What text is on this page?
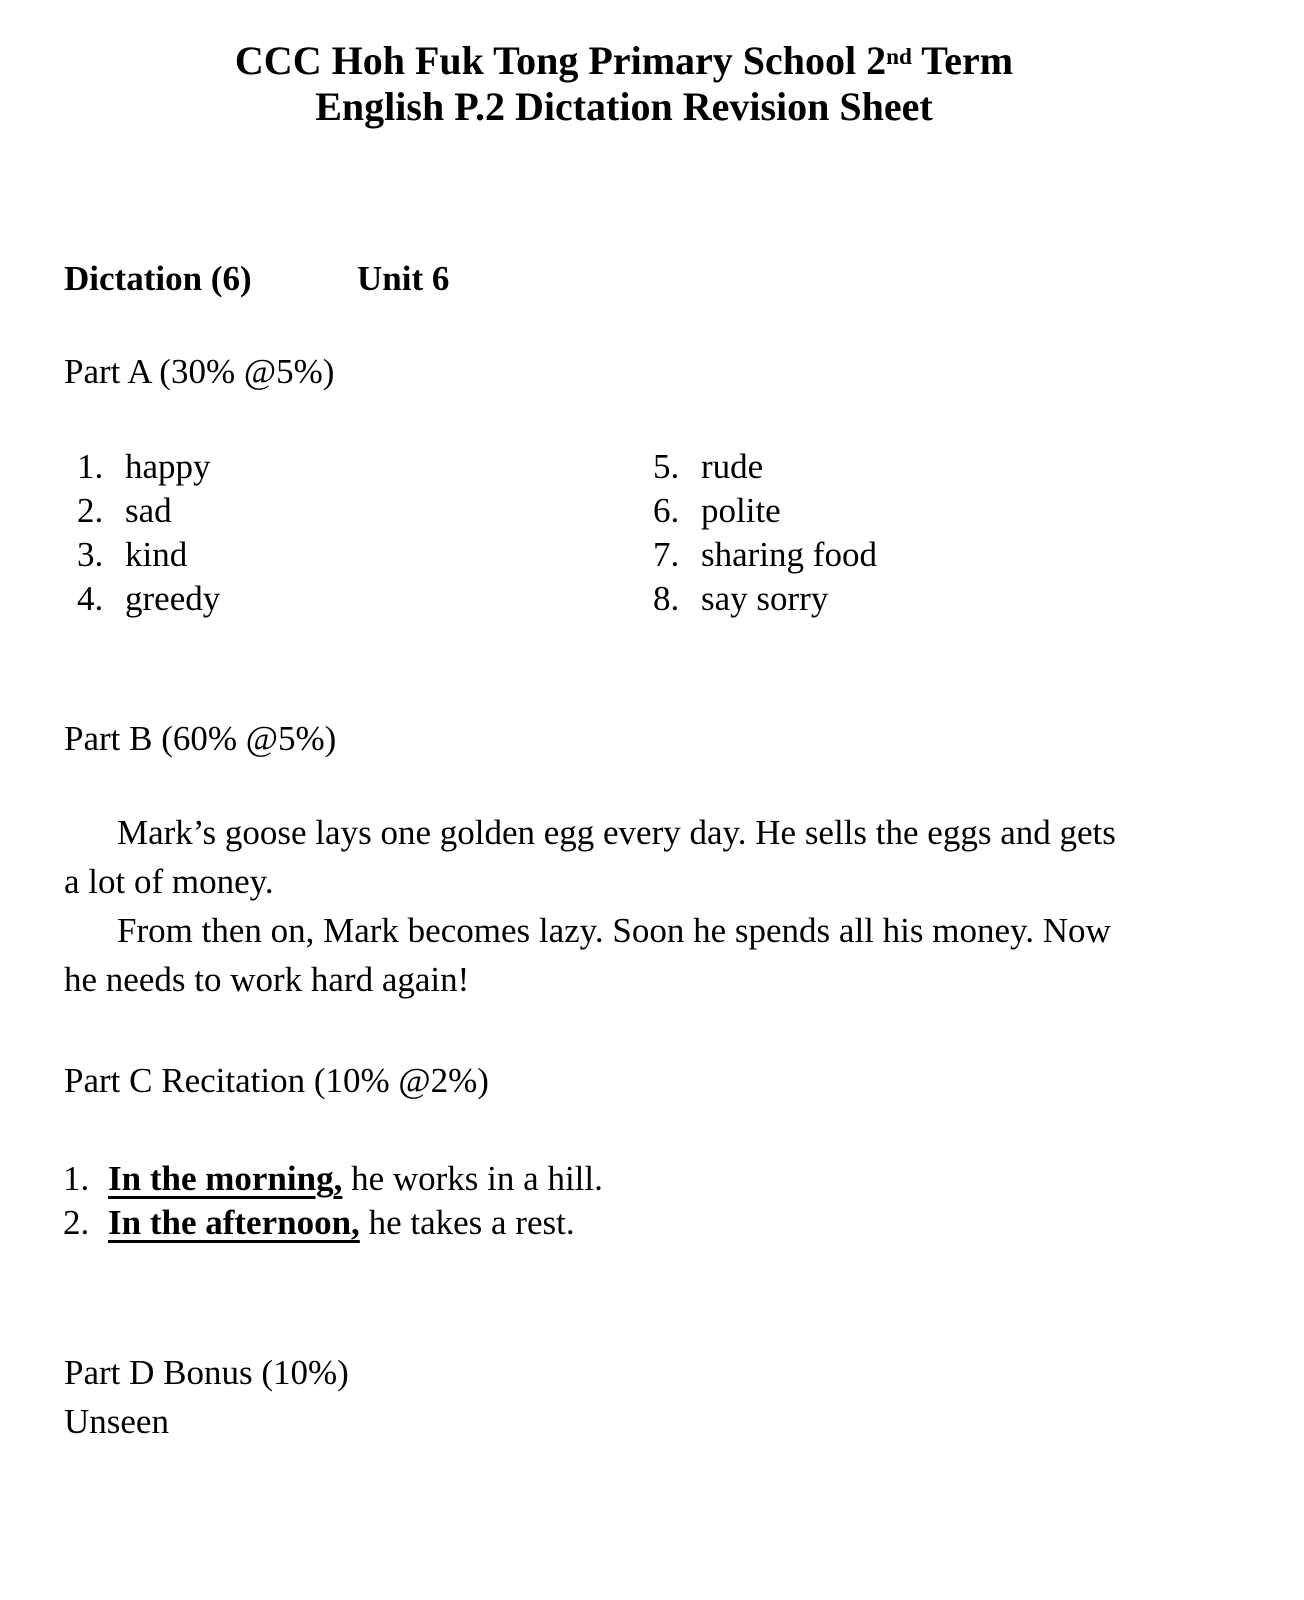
CCC Hoh Fuk Tong Primary School 2nd Term
English P.2 Dictation Revision Sheet
Dictation (6)	Unit 6
Part A (30% @5%)
1. happy
2. sad
3. kind
4. greedy
5. rude
6. polite
7. sharing food
8. say sorry
Part B (60% @5%)
Mark’s goose lays one golden egg every day. He sells the eggs and gets
a lot of money.
From then on, Mark becomes lazy. Soon he spends all his money. Now
he needs to work hard again!
Part C Recitation (10% @2%)
1. In the morning, he works in a hill.
2. In the afternoon, he takes a rest.
Part D Bonus (10%)
Unseen
